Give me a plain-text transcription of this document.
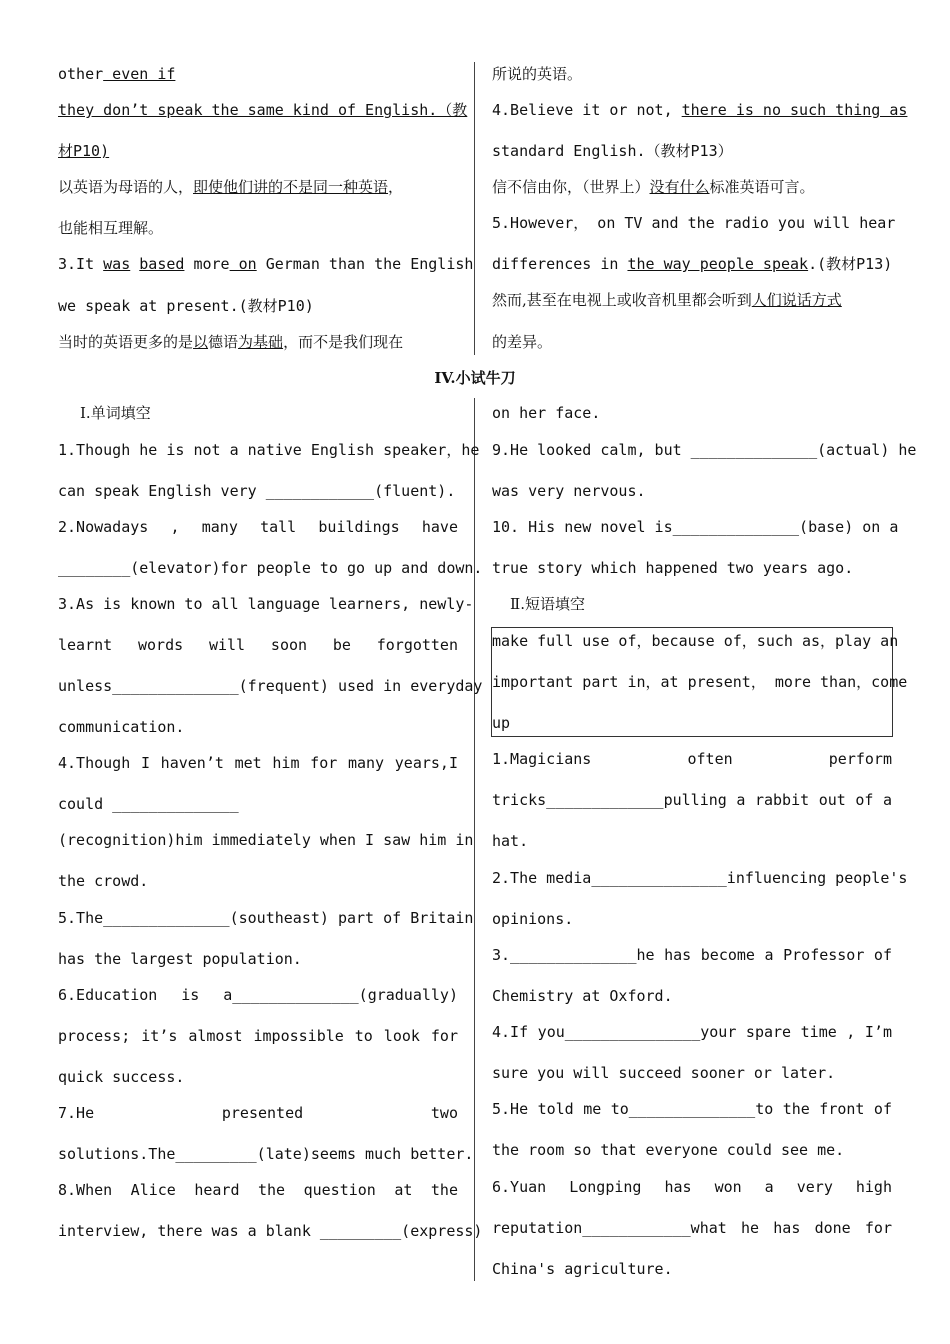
other even if
they don’t speak the same kind of English.（教
材P10)
以英语为母语的人，即使他们讲的不是同一种英语，
也能相互理解。
3.It was based more on German than the English
we speak at present.(教材P10)
当时的英语更多的是以德语为基础，而不是我们现在
所说的英语。
4.Believe it or not, there is no such thing as
standard English.（教材P13）
信不信由你，（世界上）没有什么标准英语可言。
5.However， on TV and the radio you will hear
differences in the way people speak.(教材P13)
然而,甚至在电视上或收音机里都会听到人们说话方式
的差异。
IV.小试牛刀
Ⅰ.单词填空
1.Though he is not a native English speaker，he
can speak English very ____________(fluent).
2.Nowadays , many tall buildings have
________(elevator)for people to go up and down.
3.As is known to all language learners, newly-
learnt words will soon be forgotten
unless______________(frequent) used in everyday
communication.
4.Though I haven’t met him for many years,I
could ______________
(recognition)him immediately when I saw him in
the crowd.
5.The______________(southeast) part of Britain
has the largest population.
6.Education is a______________(gradually)
process; it’s almost impossible to look for
quick success.
7.He presented two
solutions.The_________(late)seems much better.
8.When Alice heard the question at the
interview, there was a blank _________(express)
on her face.
9.He looked calm, but ______________(actual) he
was very nervous.
10. His new novel is______________(base) on a
true story which happened two years ago.
Ⅱ.短语填空
make full use of，because of，such as，play an
important part in，at present， more than，come
up
1.Magicians often perform
tricks_____________pulling a rabbit out of a
hat.
2.The media_______________influencing people's
opinions.
3.______________he has become a Professor of
Chemistry at Oxford.
4.If you_______________your spare time , I’m
sure you will succeed sooner or later.
5.He told me to______________to the front of
the room so that everyone could see me.
6.Yuan Longping has won a very high
reputation____________what he has done for
China's agriculture.
